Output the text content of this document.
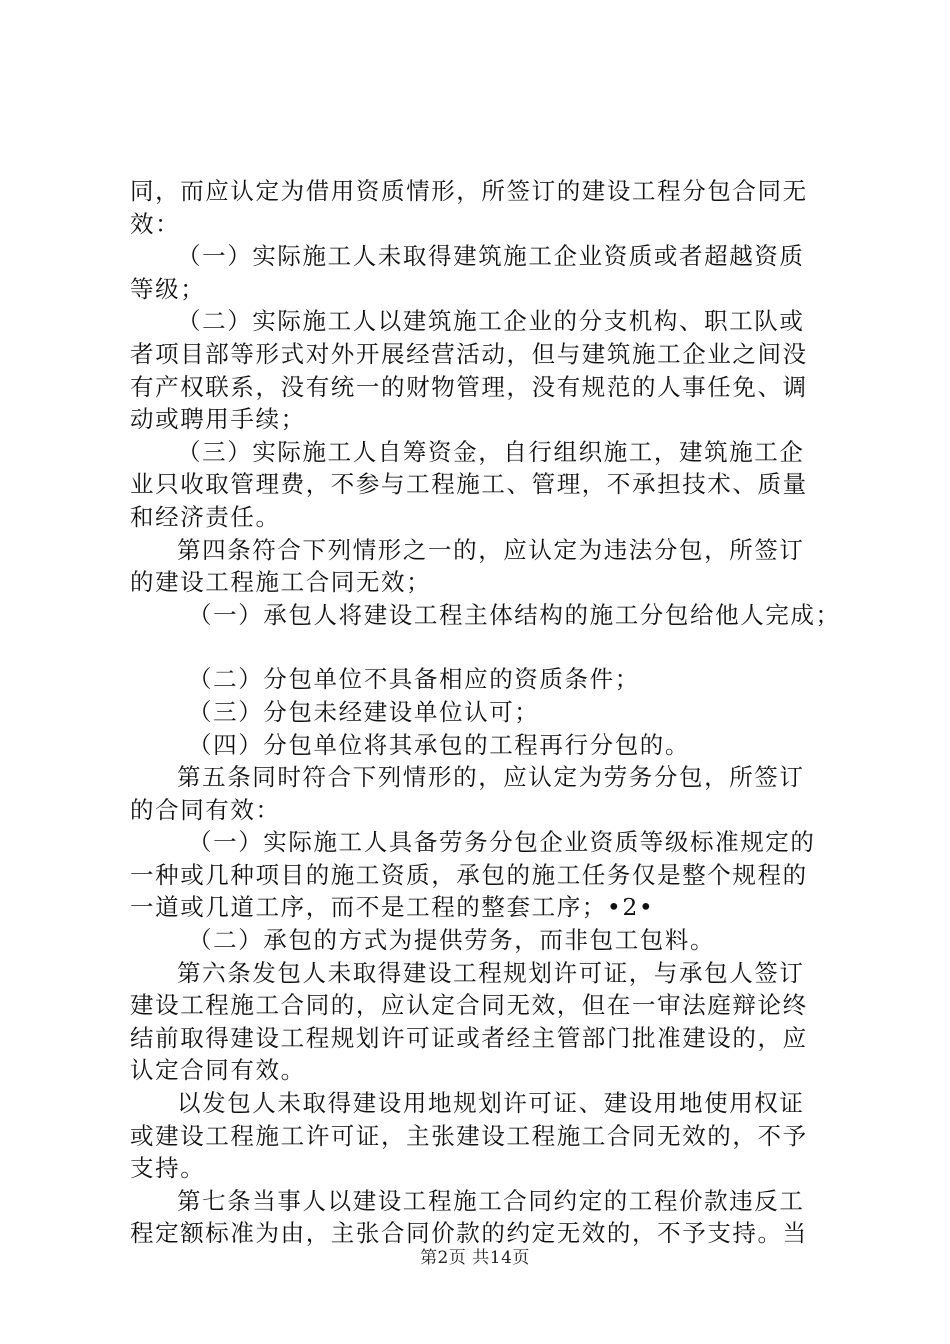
同，而应认定为借用资质情形，所签订的建设工程分包合同无
效：
（一）实际施工人未取得建筑施工企业资质或者超越资质
等级；
（二）实际施工人以建筑施工企业的分支机构、职工队或
者项目部等形式对外开展经营活动，但与建筑施工企业之间没
有产权联系，没有统一的财物管理，没有规范的人事任免、调
动或聘用手续；
（三）实际施工人自筹资金，自行组织施工，建筑施工企
业只收取管理费，不参与工程施工、管理，不承担技术、质量
和经济责任。
第四条符合下列情形之一的，应认定为违法分包，所签订
的建设工程施工合同无效；
（一）承包人将建设工程主体结构的施工分包给他人完成；
（二）分包单位不具备相应的资质条件；
（三）分包未经建设单位认可；
（四）分包单位将其承包的工程再行分包的。
第五条同时符合下列情形的，应认定为劳务分包，所签订
的合同有效：
（一）实际施工人具备劳务分包企业资质等级标准规定的
一种或几种项目的施工资质，承包的施工任务仅是整个规程的
一道或几道工序，而不是工程的整套工序；•2•
（二）承包的方式为提供劳务，而非包工包料。
第六条发包人未取得建设工程规划许可证，与承包人签订
建设工程施工合同的，应认定合同无效，但在一审法庭辩论终
结前取得建设工程规划许可证或者经主管部门批准建设的，应
认定合同有效。
以发包人未取得建设用地规划许可证、建设用地使用权证
或建设工程施工许可证，主张建设工程施工合同无效的，不予
支持。
第七条当事人以建设工程施工合同约定的工程价款违反工
程定额标准为由，主张合同价款的约定无效的，不予支持。当
第2页 共14页
